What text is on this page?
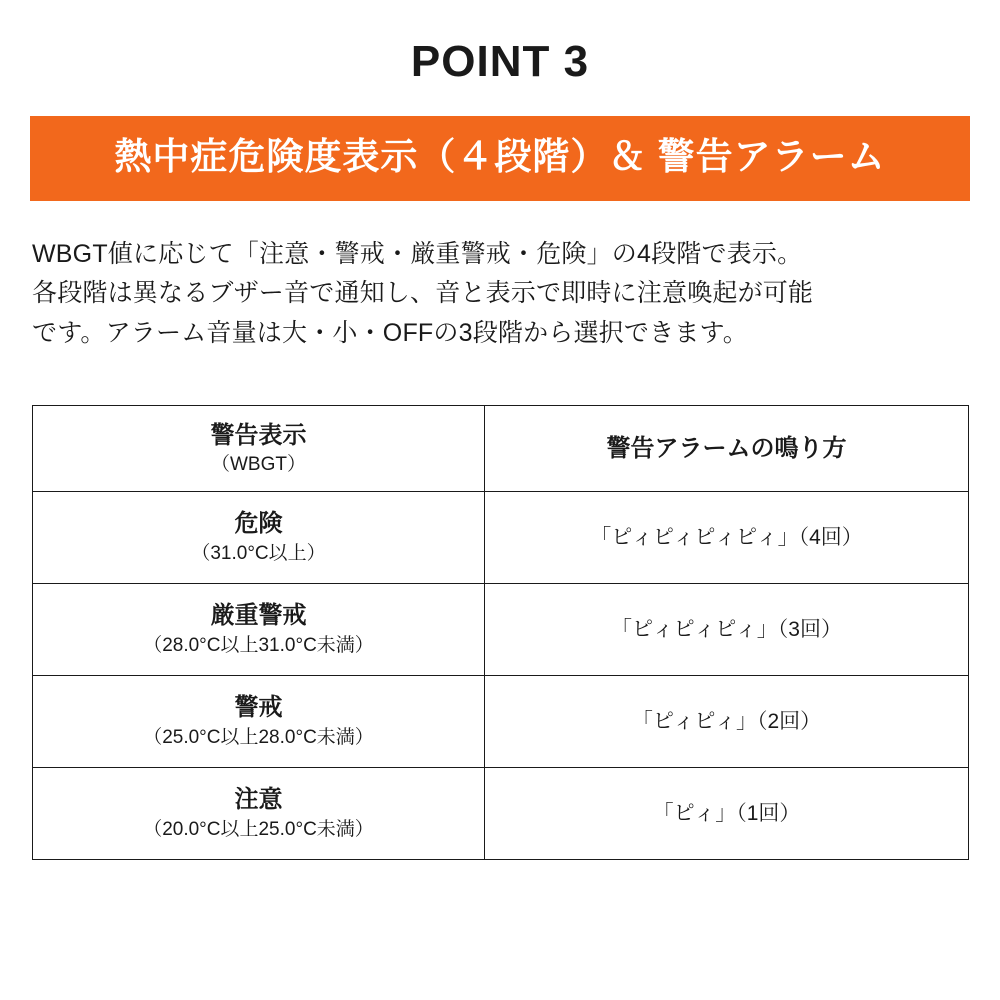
POINT 3
熱中症危険度表示（４段階）＆ 警告アラーム
WBGT値に応じて「注意・警戒・厳重警戒・危険」の4段階で表示。
各段階は異なるブザー音で通知し、音と表示で即時に注意喚起が可能
です。アラーム音量は大・小・OFFの3段階から選択できます。
警告表示
（WBGT）	警告アラームの鳴り方

危険
（31.0°C以上）	「ピィピィピィピィ」（4回）

厳重警戒
（28.0°C以上31.0°C未満）	「ピィピィピィ」（3回）

警戒
（25.0°C以上28.0°C未満）	「ピィピィ」（2回）

注意
（20.0°C以上25.0°C未満）	「ピィ」（1回）
